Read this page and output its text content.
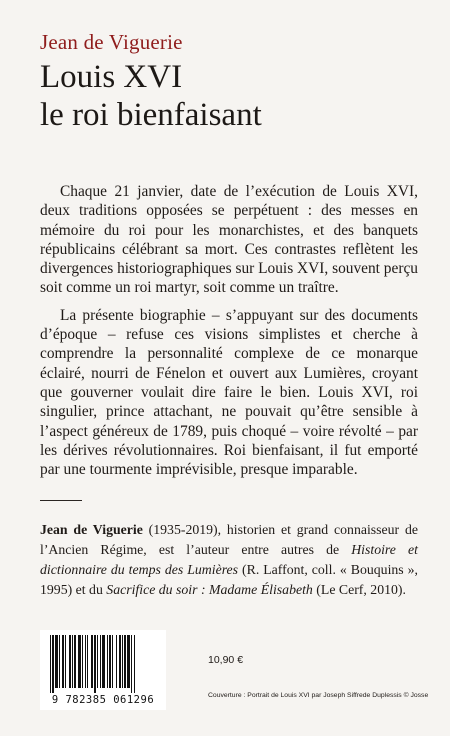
Jean de Viguerie
Louis XVI
le roi bienfaisant

Chaque 21 janvier, date de l’exécution de Louis XVI, deux traditions opposées se perpétuent : des messes en mémoire du roi pour les monarchistes, et des banquets républicains célébrant sa mort. Ces contrastes reflètent les divergences historiographiques sur Louis XVI, souvent perçu soit comme un roi martyr, soit comme un traître.

La présente biographie – s’appuyant sur des documents d’époque – refuse ces visions simplistes et cherche à comprendre la personnalité complexe de ce monarque éclairé, nourri de Fénelon et ouvert aux Lumières, croyant que gouverner voulait dire faire le bien. Louis XVI, roi singulier, prince attachant, ne pouvait qu’être sensible à l’aspect généreux de 1789, puis choqué – voire révolté – par les dérives révolutionnaires. Roi bienfaisant, il fut emporté par une tourmente imprévisible, presque imparable.

Jean de Viguerie (1935-2019), historien et grand connaisseur de l’Ancien Régime, est l’auteur entre autres de Histoire et dictionnaire du temps des Lumières (R. Laffont, coll. « Bouquins », 1995) et du Sacrifice du soir : Madame Élisabeth (Le Cerf, 2010).
9 782385 061296
10,90 €
Couverture : Portrait de Louis XVI par Joseph Siffrede Duplessis © Josse
